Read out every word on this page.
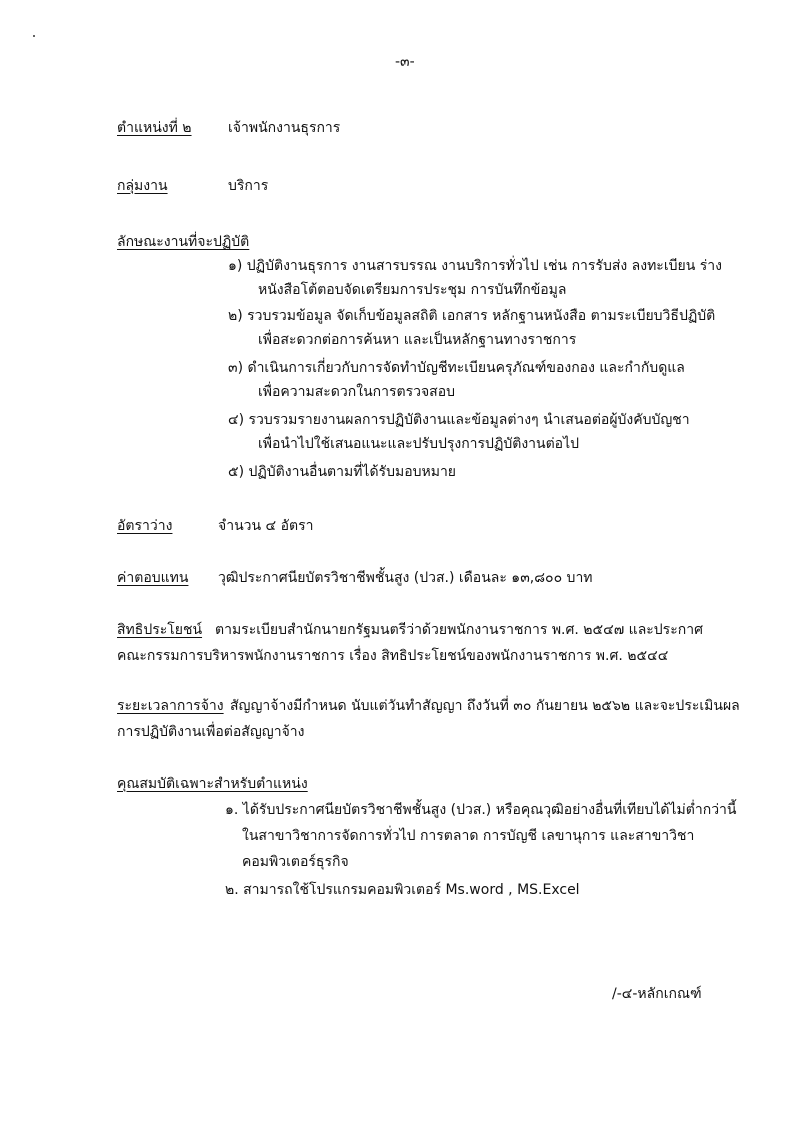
-๓-
ตำแหน่งที่ ๒	เจ้าพนักงานธุรการ
กลุ่มงาน	บริการ
ลักษณะงานที่จะปฏิบัติ
๑) ปฏิบัติงานธุรการ งานสารบรรณ งานบริการทั่วไป เช่น การรับส่ง ลงทะเบียน ร่าง
หนังสือโต้ตอบจัดเตรียมการประชุม การบันทึกข้อมูล
๒) รวบรวมข้อมูล จัดเก็บข้อมูลสถิติ เอกสาร หลักฐานหนังสือ ตามระเบียบวิธีปฏิบัติ
เพื่อสะดวกต่อการค้นหา และเป็นหลักฐานทางราชการ
๓) ดำเนินการเกี่ยวกับการจัดทำบัญชีทะเบียนครุภัณฑ์ของกอง และกำกับดูแล
เพื่อความสะดวกในการตรวจสอบ
๔) รวบรวมรายงานผลการปฏิบัติงานและข้อมูลต่างๆ นำเสนอต่อผู้บังคับบัญชา
เพื่อนำไปใช้เสนอแนะและปรับปรุงการปฏิบัติงานต่อไป
๕) ปฏิบัติงานอื่นตามที่ได้รับมอบหมาย
อัตราว่าง	จำนวน ๔ อัตรา
ค่าตอบแทน วุฒิประกาศนียบัตรวิชาชีพชั้นสูง (ปวส.) เดือนละ ๑๓,๘๐๐ บาท
สิทธิประโยชน์ ตามระเบียบสำนักนายกรัฐมนตรีว่าด้วยพนักงานราชการ พ.ศ. ๒๕๔๗ และประกาศ
คณะกรรมการบริหารพนักงานราชการ เรื่อง สิทธิประโยชน์ของพนักงานราชการ พ.ศ. ๒๕๔๔
ระยะเวลาการจ้าง สัญญาจ้างมีกำหนด นับแต่วันทำสัญญา ถึงวันที่ ๓๐ กันยายน ๒๕๖๒ และจะประเมินผล
การปฏิบัติงานเพื่อต่อสัญญาจ้าง
คุณสมบัติเฉพาะสำหรับตำแหน่ง
๑. ได้รับประกาศนียบัตรวิชาชีพชั้นสูง (ปวส.) หรือคุณวุฒิอย่างอื่นที่เทียบได้ไม่ต่ำกว่านี้
ในสาขาวิชาการจัดการทั่วไป การตลาด การบัญชี เลขานุการ และสาขาวิชา
คอมพิวเตอร์ธุรกิจ
๒. สามารถใช้โปรแกรมคอมพิวเตอร์ Ms.word , MS.Excel
/-๔-หลักเกณฑ์
